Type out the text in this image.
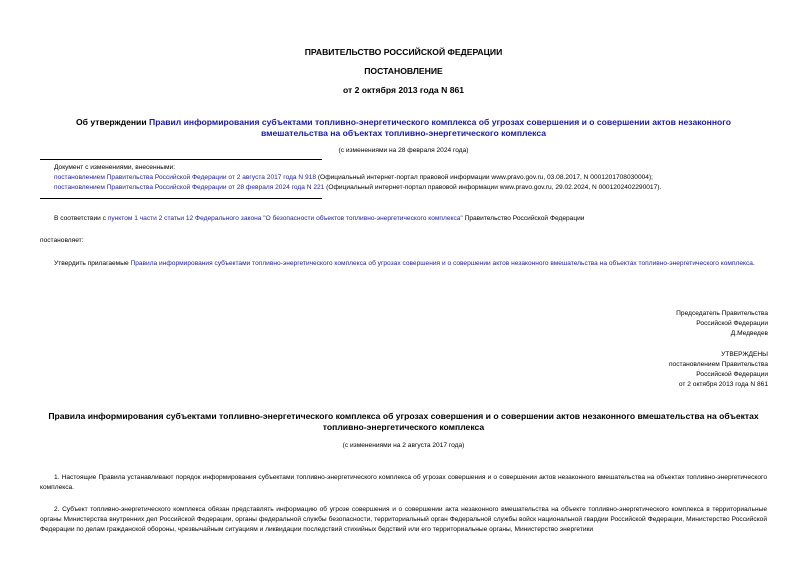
ПРАВИТЕЛЬСТВО РОССИЙСКОЙ ФЕДЕРАЦИИ
ПОСТАНОВЛЕНИЕ
от 2 октября 2013 года N 861
Об утверждении Правил информирования субъектами топливно-энергетического комплекса об угрозах совершения и о совершении актов незаконного вмешательства на объектах топливно-энергетического комплекса
(с изменениями на 28 февраля 2024 года)
Документ с изменениями, внесенными:
постановлением Правительства Российской Федерации от 2 августа 2017 года N 918 (Официальный интернет-портал правовой информации www.pravo.gov.ru, 03.08.2017, N 0001201708030004);
постановлением Правительства Российской Федерации от 28 февраля 2024 года N 221 (Официальный интернет-портал правовой информации www.pravo.gov.ru, 29.02.2024, N 0001202402290017).
В соответствии с пунктом 1 части 2 статьи 12 Федерального закона "О безопасности объектов топливно-энергетического комплекса" Правительство Российской Федерации
постановляет:
Утвердить прилагаемые Правила информирования субъектами топливно-энергетического комплекса об угрозах совершения и о совершении актов незаконного вмешательства на объектах топливно-энергетического комплекса.
Председатель Правительства
Российской Федерации
Д.Медведев
УТВЕРЖДЕНЫ
постановлением Правительства
Российской Федерации
от 2 октября 2013 года N 861
Правила информирования субъектами топливно-энергетического комплекса об угрозах совершения и о совершении актов незаконного вмешательства на объектах топливно-энергетического комплекса
(с изменениями на 2 августа 2017 года)
1. Настоящие Правила устанавливают порядок информирования субъектами топливно-энергетического комплекса об угрозах совершения и о совершении актов незаконного вмешательства на объектах топливно-энергетического комплекса.
2. Субъект топливно-энергетического комплекса обязан представлять информацию об угрозе совершения и о совершении акта незаконного вмешательства на объекте топливно-энергетического комплекса в территориальные органы Министерства внутренних дел Российской Федерации, органы федеральной службы безопасности, территориальный орган Федеральной службы войск национальной гвардии Российской Федерации, Министерство Российской Федерации по делам гражданской обороны, чрезвычайным ситуациям и ликвидации последствий стихийных бедствий или его территориальные органы, Министерство энергетики
